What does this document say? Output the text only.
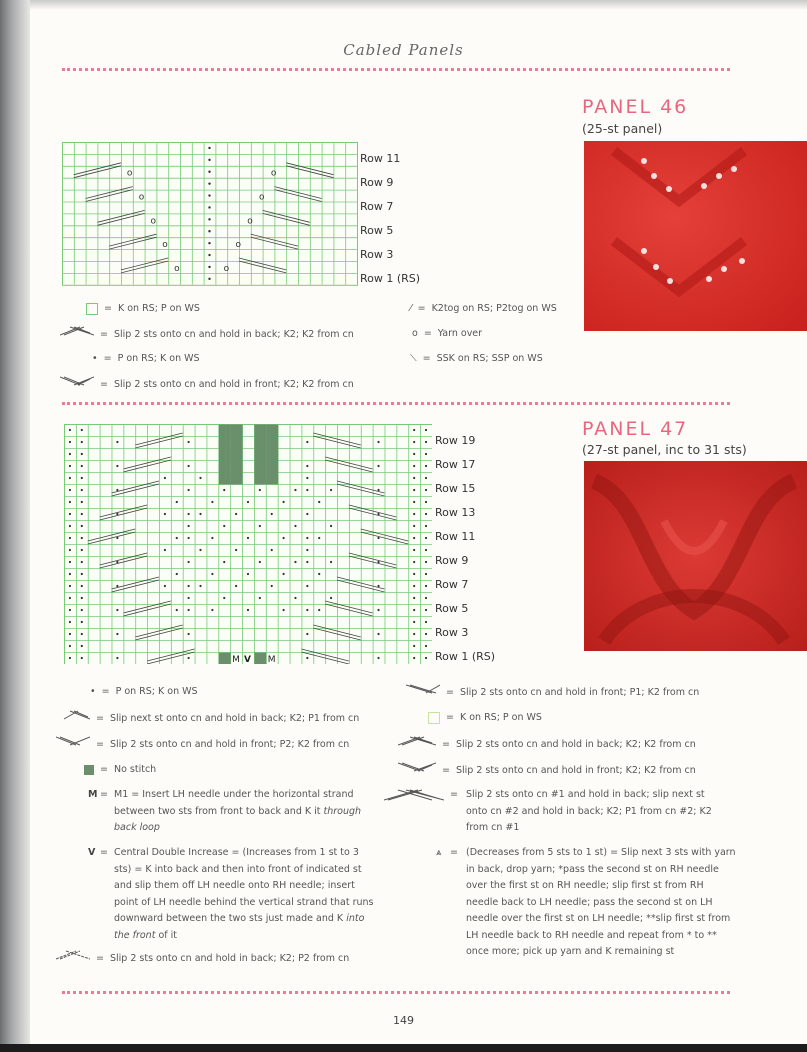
Cabled Panels
PANEL 46
(25-st panel)
o	o
o	o
o	o
o	o
o	o
Row 11
Row 9
Row 7
Row 5
Row 3
Row 1 (RS)
= K on RS; P on WS
= Slip 2 sts onto cn and hold in back; K2; K2 from cn
• = P on RS; K on WS
= Slip 2 sts onto cn and hold in front; K2; K2 from cn
⁄ = K2tog on RS; P2tog on WS
o = Yarn over
⟍ = SSK on RS; SSP on WS
PANEL 47
(27-st panel, inc to 31 sts)
M V M
Row 19
Row 17
Row 15
Row 13
Row 11
Row 9
Row 7
Row 5
Row 3
Row 1 (RS)
• = P on RS; K on WS
= Slip next st onto cn and hold in back; K2; P1 from cn
= Slip 2 sts onto cn and hold in front; P2; K2 from cn
= No stitch
M = M1 = Insert LH needle under the horizontal strand between two sts from front to back and K it through back loop
V = Central Double Increase = (Increases from 1 st to 3 sts) = K into back and then into front of indicated st and slip them off LH needle onto RH needle; insert point of LH needle behind the vertical strand that runs downward between the two sts just made and K into the front of it
= Slip 2 sts onto cn and hold in back; K2; P2 from cn
= Slip 2 sts onto cn and hold in front; P1; K2 from cn
= K on RS; P on WS
= Slip 2 sts onto cn and hold in back; K2; K2 from cn
= Slip 2 sts onto cn and hold in front; K2; K2 from cn
= Slip 2 sts onto cn #1 and hold in back; slip next st onto cn #2 and hold in back; K2; P1 from cn #2; K2 from cn #1
⩓ = (Decreases from 5 sts to 1 st) = Slip next 3 sts with yarn in back, drop yarn; *pass the second st on RH needle over the first st on RH needle; slip first st from RH needle back to LH needle; pass the second st on LH needle over the first st on LH needle; **slip first st from LH needle back to RH needle and repeat from * to ** once more; pick up yarn and K remaining st
149
